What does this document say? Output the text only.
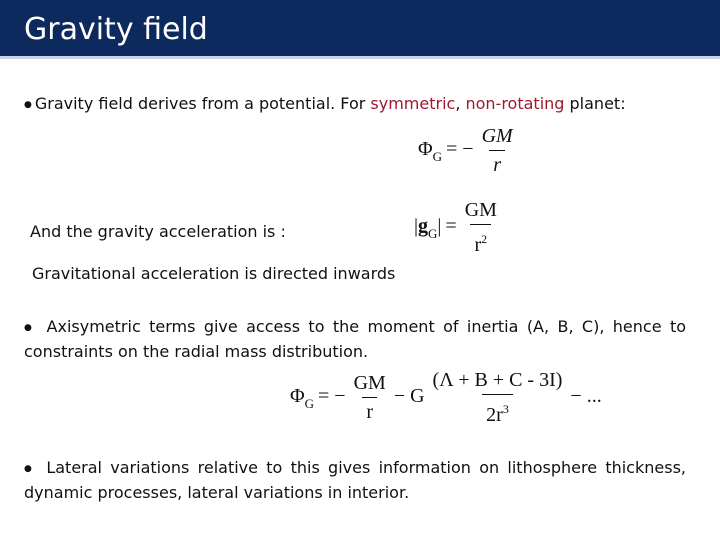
Gravity field
● Gravity field derives from a potential. For symmetric, non-rotating planet:
$\Phi_G$ = − $\frac{GM}{r}$
And the gravity acceleration is :	$|g_G| = \frac{GM}{r^2}$
Gravitational acceleration is directed inwards
● Axisymetric terms give access to the moment of inertia (A, B, C), hence to constraints on the radial mass distribution.
$\Phi_G$ = − $\frac{GM}{r} - G \frac{(\Lambda + B + C - 3I)}{2r^3}$ − ...
● Lateral variations relative to this gives information on lithosphere thickness, dynamic processes, lateral variations in interior.
